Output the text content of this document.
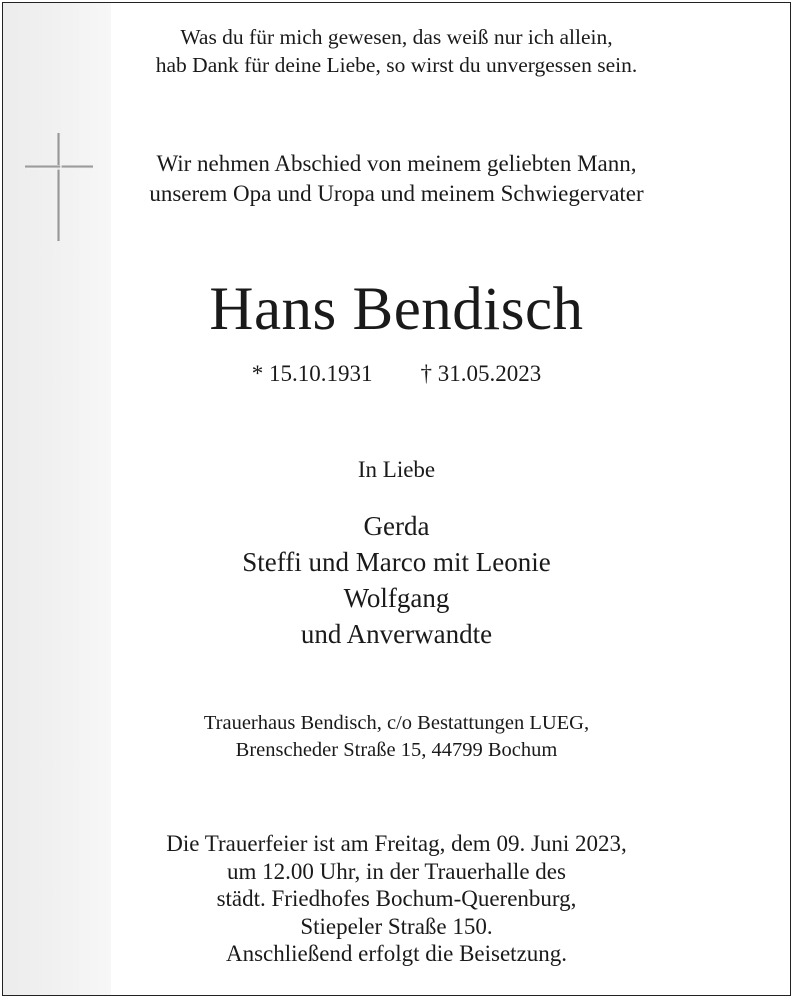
Was du für mich gewesen, das weiß nur ich allein,
hab Dank für deine Liebe, so wirst du unvergessen sein.
Wir nehmen Abschied von meinem geliebten Mann,
unserem Opa und Uropa und meinem Schwiegervater
Hans Bendisch
* 15.10.1931 † 31.05.2023
In Liebe
Gerda
Steffi und Marco mit Leonie
Wolfgang
und Anverwandte
Trauerhaus Bendisch, c/o Bestattungen LUEG,
Brenscheder Straße 15, 44799 Bochum
Die Trauerfeier ist am Freitag, dem 09. Juni 2023,
um 12.00 Uhr, in der Trauerhalle des
städt. Friedhofes Bochum-Querenburg,
Stiepeler Straße 150.
Anschließend erfolgt die Beisetzung.
